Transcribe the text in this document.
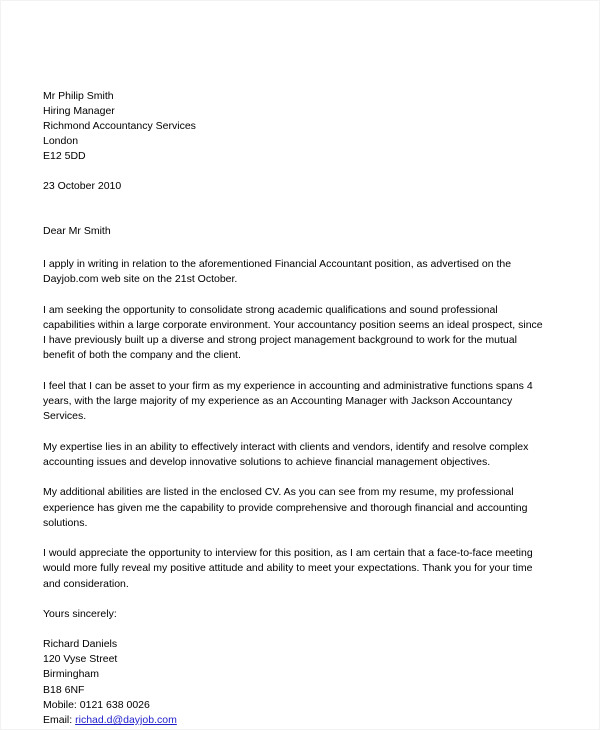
Mr Philip Smith
Hiring Manager
Richmond Accountancy Services
London
E12 5DD
23 October 2010
Dear Mr Smith

I apply in writing in relation to the aforementioned Financial Accountant position, as advertised on the Dayjob.com web site on the 21st October.

I am seeking the opportunity to consolidate strong academic qualifications and sound professional capabilities within a large corporate environment. Your accountancy position seems an ideal prospect, since I have previously built up a diverse and strong project management background to work for the mutual benefit of both the company and the client.

I feel that I can be asset to your firm as my experience in accounting and administrative functions spans 4 years, with the large majority of my experience as an Accounting Manager with Jackson Accountancy Services.

My expertise lies in an ability to effectively interact with clients and vendors, identify and resolve complex accounting issues and develop innovative solutions to achieve financial management objectives.

My additional abilities are listed in the enclosed CV. As you can see from my resume, my professional experience has given me the capability to provide comprehensive and thorough financial and accounting solutions.

I would appreciate the opportunity to interview for this position, as I am certain that a face-to-face meeting would more fully reveal my positive attitude and ability to meet your expectations. Thank you for your time and consideration.

Yours sincerely:
Richard Daniels
120 Vyse Street
Birmingham
B18 6NF
Mobile: 0121 638 0026
Email: richad.d@dayjob.com
